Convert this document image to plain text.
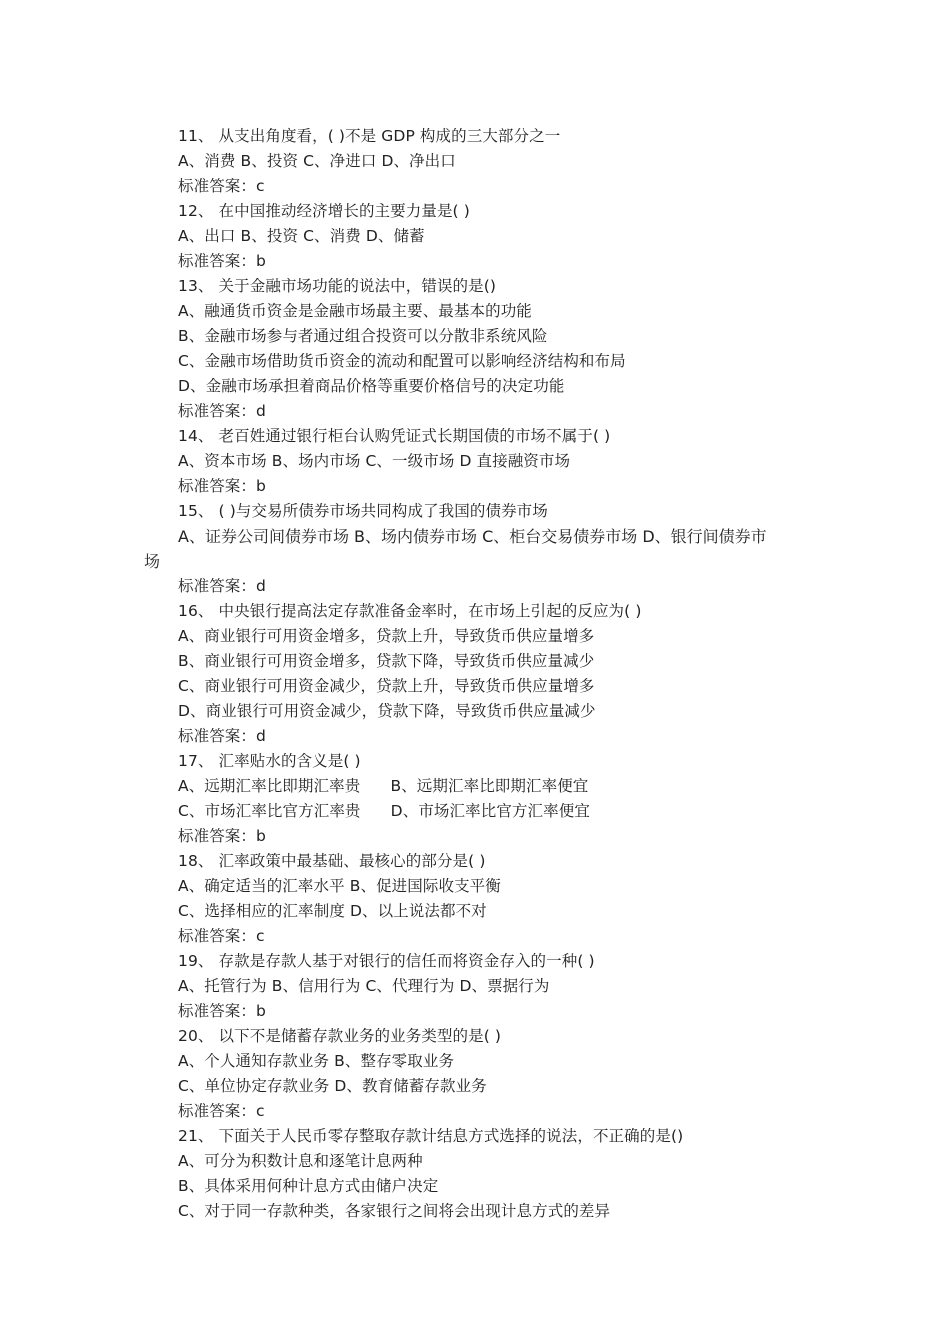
11、 从支出角度看，( )不是 GDP 构成的三大部分之一
A、消费 B、投资 C、净进口 D、净出口
标准答案：c
12、 在中国推动经济增长的主要力量是( )
A、出口 B、投资 C、消费 D、储蓄
标准答案：b
13、 关于金融市场功能的说法中，错误的是()
A、融通货币资金是金融市场最主要、最基本的功能
B、金融市场参与者通过组合投资可以分散非系统风险
C、金融市场借助货币资金的流动和配置可以影响经济结构和布局
D、金融市场承担着商品价格等重要价格信号的决定功能
标准答案：d
14、 老百姓通过银行柜台认购凭证式长期国债的市场不属于( )
A、资本市场 B、场内市场 C、一级市场 D 直接融资市场
标准答案：b
15、 ( )与交易所债券市场共同构成了我国的债券市场
A、证券公司间债券市场 B、场内债券市场 C、柜台交易债券市场 D、银行间债券市
场
标准答案：d
16、 中央银行提高法定存款准备金率时，在市场上引起的反应为( )
A、商业银行可用资金增多，贷款上升，导致货币供应量增多
B、商业银行可用资金增多，贷款下降，导致货币供应量减少
C、商业银行可用资金减少，贷款上升，导致货币供应量增多
D、商业银行可用资金减少，贷款下降，导致货币供应量减少
标准答案：d
17、 汇率贴水的含义是( )
A、远期汇率比即期汇率贵      B、远期汇率比即期汇率便宜
C、市场汇率比官方汇率贵      D、市场汇率比官方汇率便宜
标准答案：b
18、 汇率政策中最基础、最核心的部分是( )
A、确定适当的汇率水平 B、促进国际收支平衡
C、选择相应的汇率制度 D、以上说法都不对
标准答案：c
19、 存款是存款人基于对银行的信任而将资金存入的一种( )
A、托管行为 B、信用行为 C、代理行为 D、票据行为
标准答案：b
20、 以下不是储蓄存款业务的业务类型的是( )
A、个人通知存款业务 B、整存零取业务
C、单位协定存款业务 D、教育储蓄存款业务
标准答案：c
21、 下面关于人民币零存整取存款计结息方式选择的说法，不正确的是()
A、可分为积数计息和逐笔计息两种
B、具体采用何种计息方式由储户决定
C、对于同一存款种类，各家银行之间将会出现计息方式的差异
